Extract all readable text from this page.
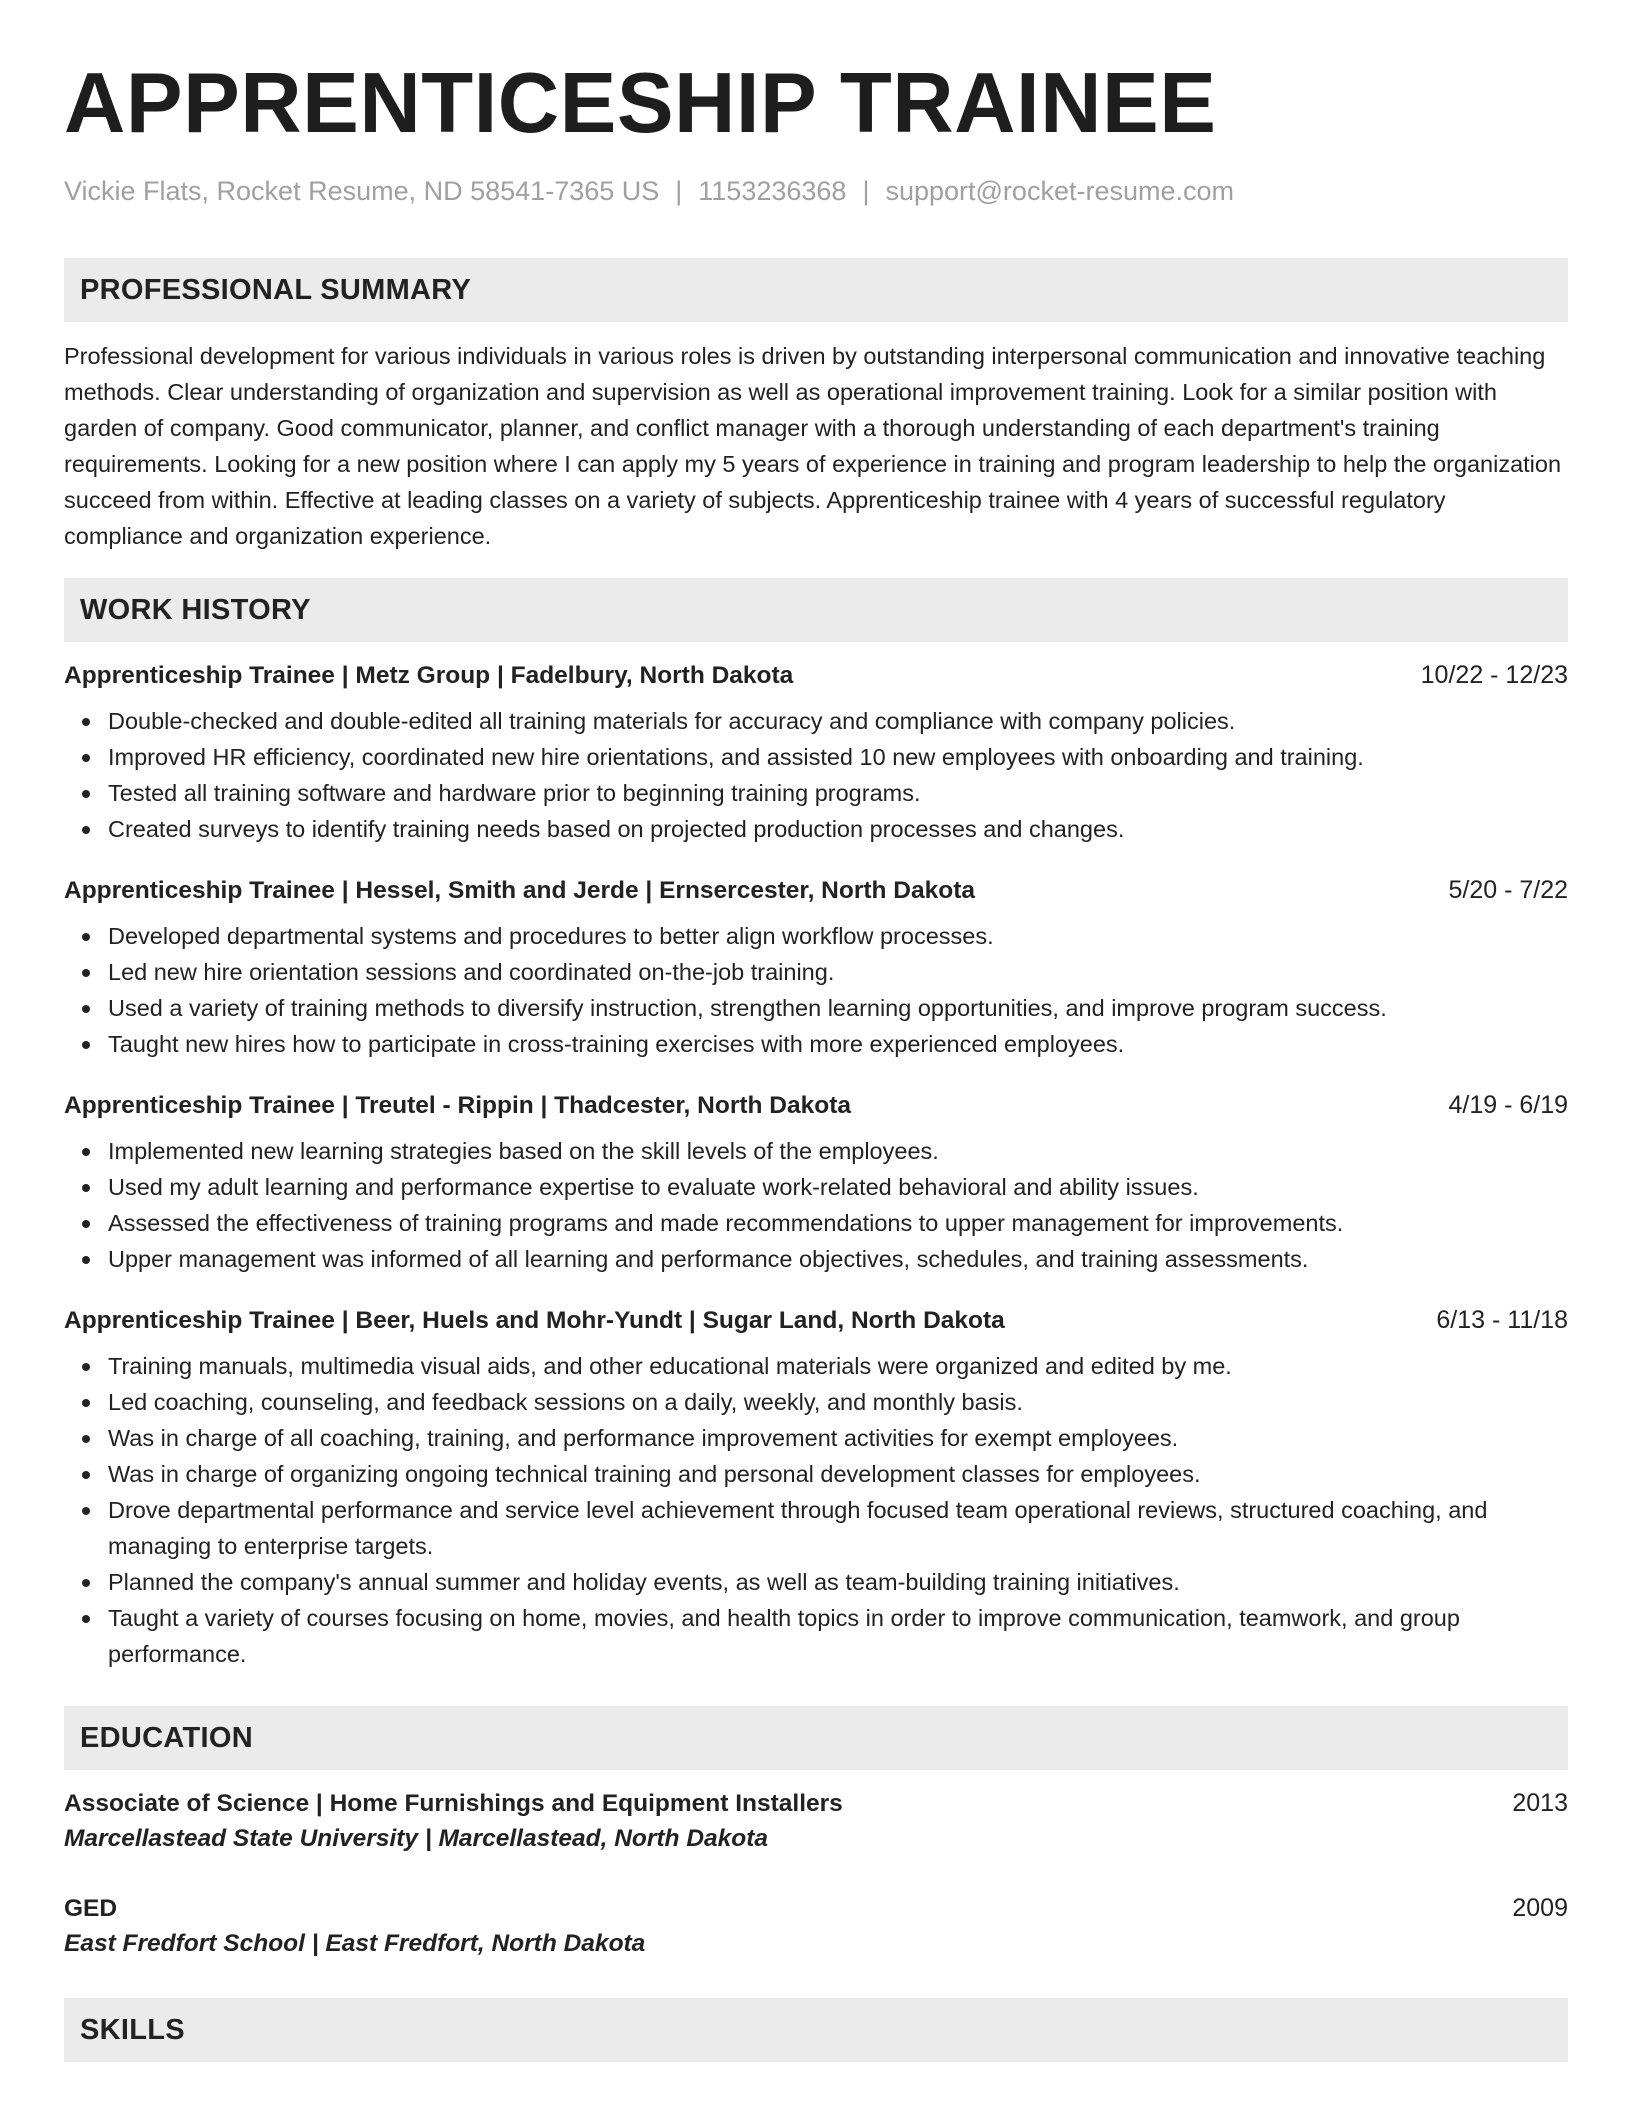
APPRENTICESHIP TRAINEE
Vickie Flats, Rocket Resume, ND 58541-7365 US | 1153236368 | support@rocket-resume.com
PROFESSIONAL SUMMARY
Professional development for various individuals in various roles is driven by outstanding interpersonal communication and innovative teaching methods. Clear understanding of organization and supervision as well as operational improvement training. Look for a similar position with garden of company. Good communicator, planner, and conflict manager with a thorough understanding of each department's training requirements. Looking for a new position where I can apply my 5 years of experience in training and program leadership to help the organization succeed from within. Effective at leading classes on a variety of subjects. Apprenticeship trainee with 4 years of successful regulatory compliance and organization experience.
WORK HISTORY
Apprenticeship Trainee | Metz Group | Fadelbury, North Dakota	10/22 - 12/23
Double-checked and double-edited all training materials for accuracy and compliance with company policies.
Improved HR efficiency, coordinated new hire orientations, and assisted 10 new employees with onboarding and training.
Tested all training software and hardware prior to beginning training programs.
Created surveys to identify training needs based on projected production processes and changes.
Apprenticeship Trainee | Hessel, Smith and Jerde | Ernsercester, North Dakota	5/20 - 7/22
Developed departmental systems and procedures to better align workflow processes.
Led new hire orientation sessions and coordinated on-the-job training.
Used a variety of training methods to diversify instruction, strengthen learning opportunities, and improve program success.
Taught new hires how to participate in cross-training exercises with more experienced employees.
Apprenticeship Trainee | Treutel - Rippin | Thadcester, North Dakota	4/19 - 6/19
Implemented new learning strategies based on the skill levels of the employees.
Used my adult learning and performance expertise to evaluate work-related behavioral and ability issues.
Assessed the effectiveness of training programs and made recommendations to upper management for improvements.
Upper management was informed of all learning and performance objectives, schedules, and training assessments.
Apprenticeship Trainee | Beer, Huels and Mohr-Yundt | Sugar Land, North Dakota	6/13 - 11/18
Training manuals, multimedia visual aids, and other educational materials were organized and edited by me.
Led coaching, counseling, and feedback sessions on a daily, weekly, and monthly basis.
Was in charge of all coaching, training, and performance improvement activities for exempt employees.
Was in charge of organizing ongoing technical training and personal development classes for employees.
Drove departmental performance and service level achievement through focused team operational reviews, structured coaching, and managing to enterprise targets.
Planned the company's annual summer and holiday events, as well as team-building training initiatives.
Taught a variety of courses focusing on home, movies, and health topics in order to improve communication, teamwork, and group performance.
EDUCATION
Associate of Science | Home Furnishings and Equipment Installers	2013
Marcellastead State University | Marcellastead, North Dakota
GED	2009
East Fredfort School | East Fredfort, North Dakota
SKILLS
